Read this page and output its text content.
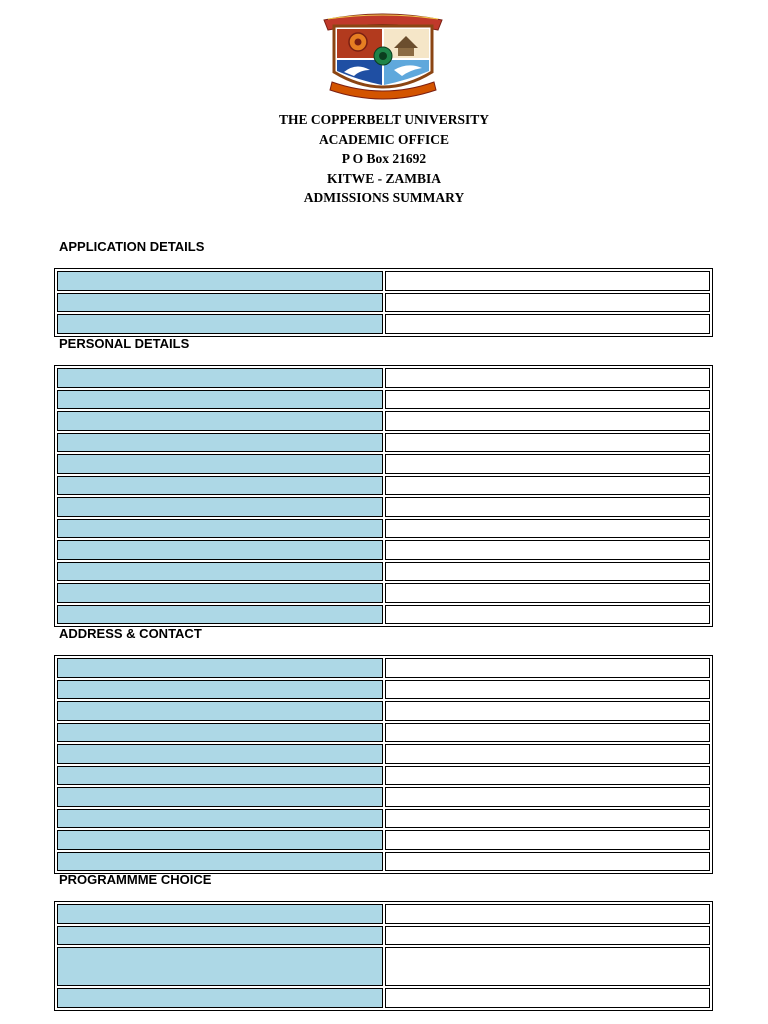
THE COPPERBELT UNIVERSITY
ACADEMIC OFFICE
P O Box 21692
KITWE - ZAMBIA
ADMISSIONS SUMMARY
APPLICATION DETAILS
PERSONAL DETAILS
ADDRESS & CONTACT
PROGRAMMME CHOICE
